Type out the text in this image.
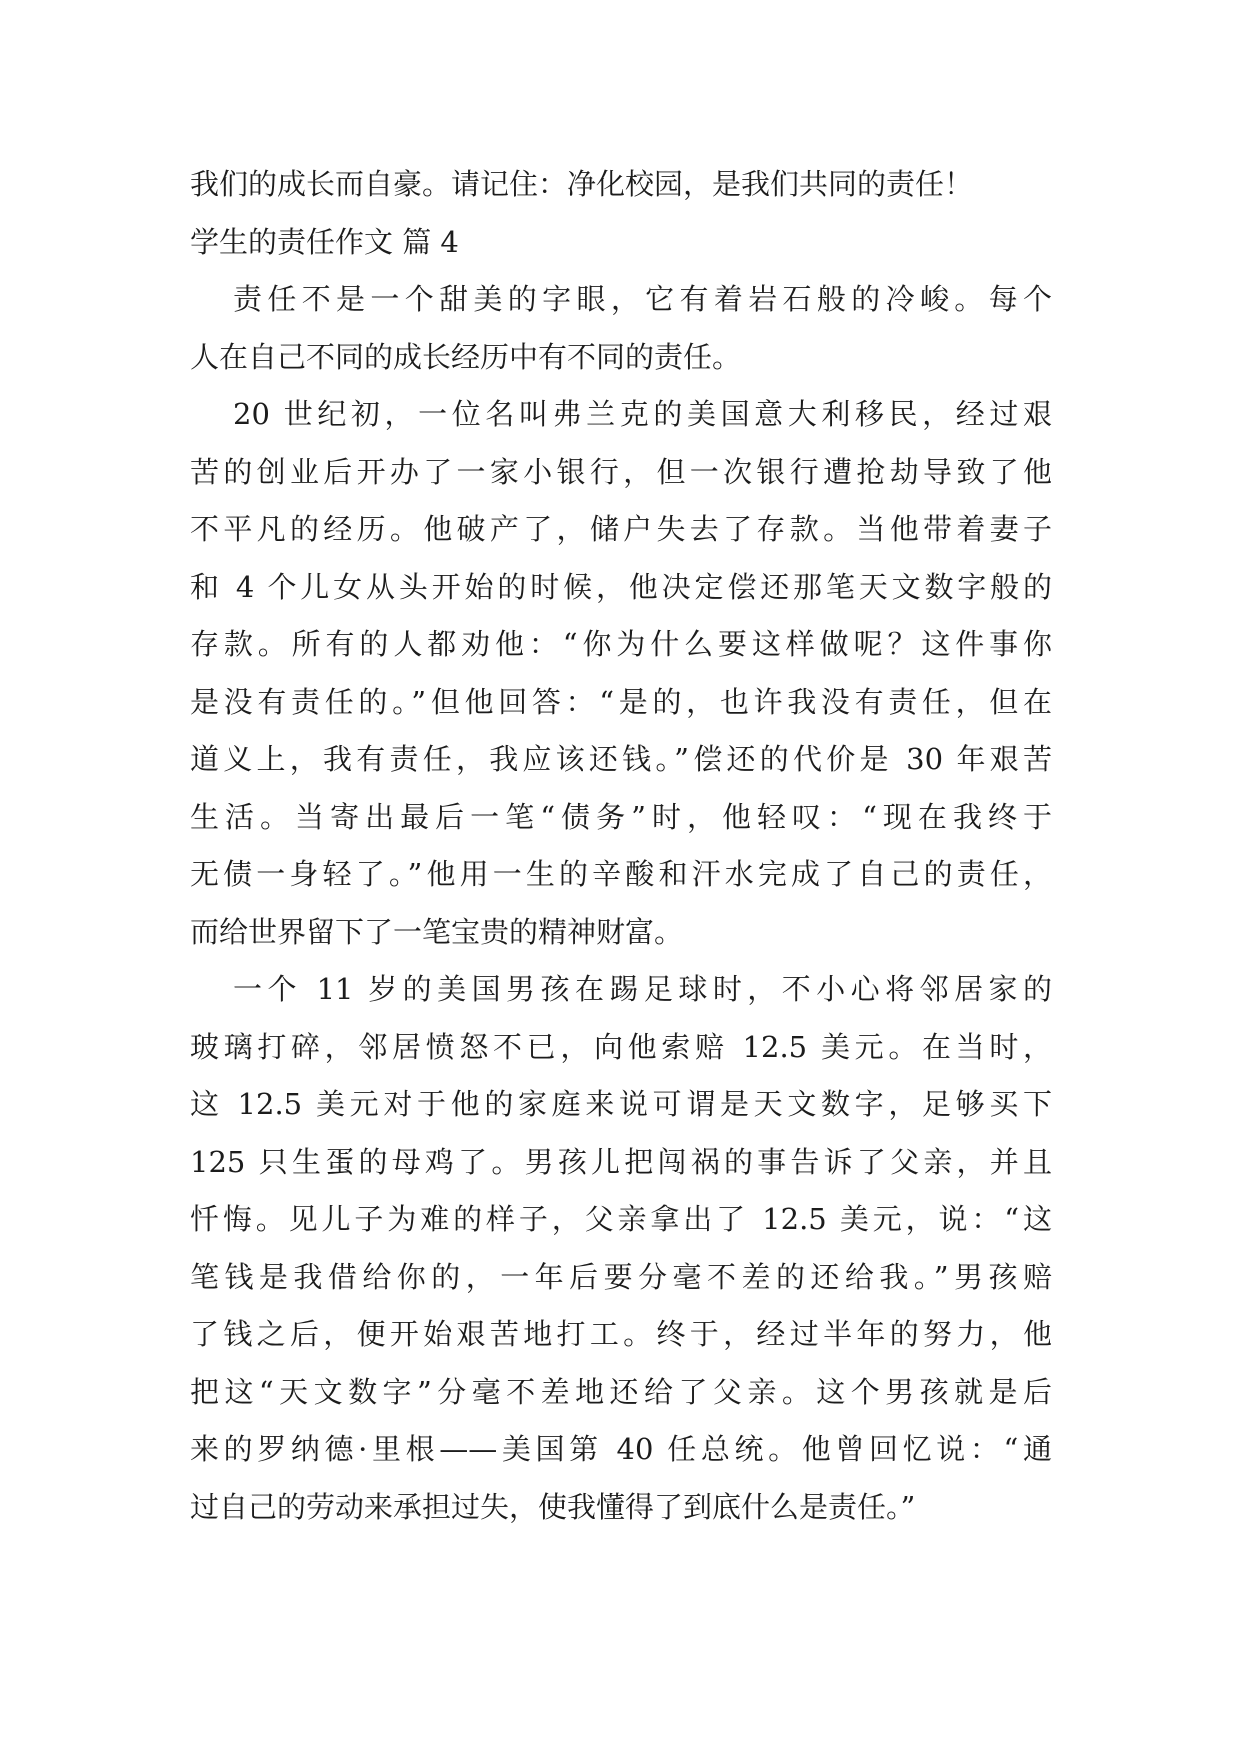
我们的成长而自豪。请记住：净化校园，是我们共同的责任！
学生的责任作文 篇 4
责任不是一个甜美的字眼，它有着岩石般的冷峻。每个
人在自己不同的成长经历中有不同的责任。
20 世纪初，一位名叫弗兰克的美国意大利移民，经过艰
苦的创业后开办了一家小银行，但一次银行遭抢劫导致了他
不平凡的经历。他破产了，储户失去了存款。当他带着妻子
和 4 个儿女从头开始的时候，他决定偿还那笔天文数字般的
存款。所有的人都劝他：“你为什么要这样做呢？这件事你
是没有责任的。”但他回答：“是的，也许我没有责任，但在
道义上，我有责任，我应该还钱。”偿还的代价是 30 年艰苦
生活。当寄出最后一笔“债务”时，他轻叹：“现在我终于
无债一身轻了。”他用一生的辛酸和汗水完成了自己的责任，
而给世界留下了一笔宝贵的精神财富。
一个 11 岁的美国男孩在踢足球时，不小心将邻居家的
玻璃打碎，邻居愤怒不已，向他索赔 12.5 美元。在当时，
这 12.5 美元对于他的家庭来说可谓是天文数字，足够买下
125 只生蛋的母鸡了。男孩儿把闯祸的事告诉了父亲，并且
忏悔。见儿子为难的样子，父亲拿出了 12.5 美元，说：“这
笔钱是我借给你的，一年后要分毫不差的还给我。”男孩赔
了钱之后，便开始艰苦地打工。终于，经过半年的努力，他
把这“天文数字”分毫不差地还给了父亲。这个男孩就是后
来的罗纳德·里根——美国第 40 任总统。他曾回忆说：“通
过自己的劳动来承担过失，使我懂得了到底什么是责任。”
